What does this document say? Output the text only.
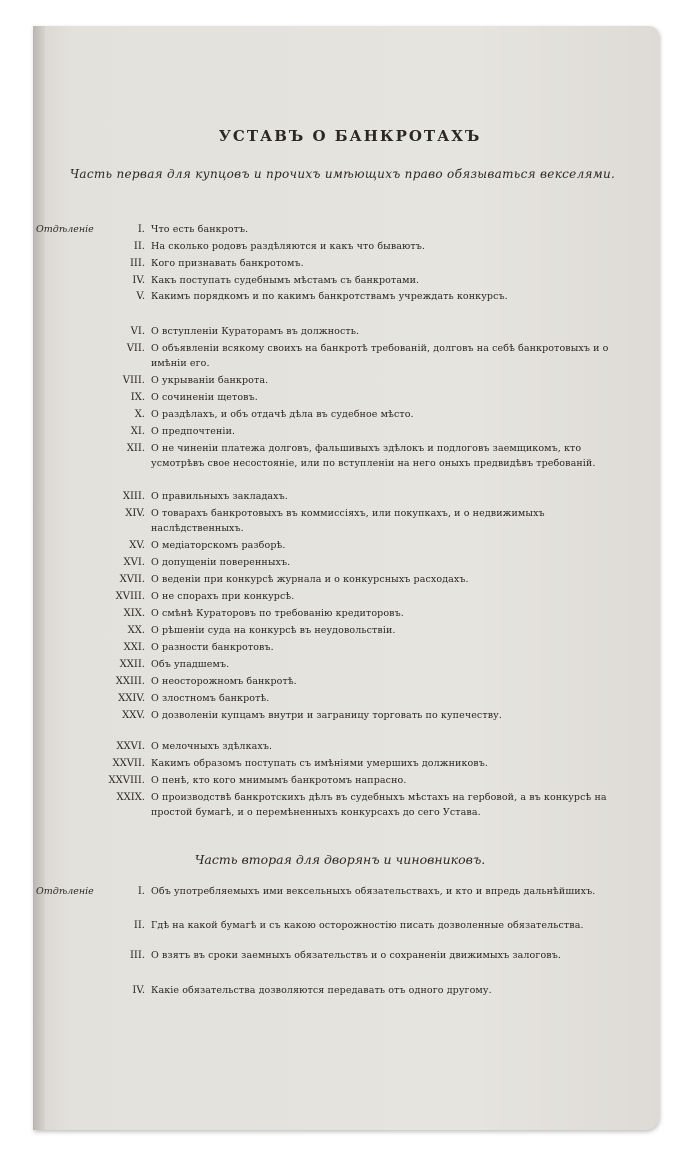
УСТАВЪ О БАНКРОТАХЪ
Часть первая для купцовъ и прочихъ имѣющихъ право обязываться векселями.
Отдѣленіе	I. Что есть банкротъ.
II. На сколько родовъ раздѣляются и какъ что бываютъ.
III. Кого признавать банкротомъ.
IV. Какъ поступать судебнымъ мѣстамъ съ банкротами.
V. Какимъ порядкомъ и по какимъ банкротствамъ учреждать конкурсъ.
VI. О вступленіи Кураторамъ въ должность.
VII. О объявленіи всякому своихъ на банкротѣ требованій, долговъ на себѣ банкротовыхъ и о имѣніи его.
VIII. О укрываніи банкрота.
IX. О сочиненіи щетовъ.
X. О раздѣлахъ, и объ отдачѣ дѣла въ судебное мѣсто.
XI. О предпочтеніи.
XII. О не чиненіи платежа долговъ, фальшивыхъ здѣлокъ и подлоговъ заемщикомъ, кто усмотрѣвъ свое несостояніе, или по вступленіи на него оныхъ предвидѣвъ требованій.
XIII. О правильныхъ закладахъ.
XIV. О товарахъ банкротовыхъ въ коммиссіяхъ, или покупкахъ, и о недвижимыхъ наслѣдственныхъ.
XV. О медіаторскомъ разборѣ.
XVI. О допущеніи поверенныхъ.
XVII. О веденіи при конкурсѣ журнала и о конкурсныхъ расходахъ.
XVIII. О не спорахъ при конкурсѣ.
XIX. О смѣнѣ Кураторовъ по требованію кредиторовъ.
XX. О рѣшеніи суда на конкурсѣ въ неудовольствіи.
XXI. О разности банкротовъ.
XXII. Объ упадшемъ.
XXIII. О неосторожномъ банкротѣ.
XXIV. О злостномъ банкротѣ.
XXV. О дозволеніи купцамъ внутри и заграницу торговать по купечеству.
XXVI. О мелочныхъ здѣлкахъ.
XXVII. Какимъ образомъ поступать съ имѣніями умершихъ должниковъ.
XXVIII. О пенѣ, кто кого мнимымъ банкротомъ напрасно.
XXIX. О производствѣ банкротскихъ дѣлъ въ судебныхъ мѣстахъ на гербовой, а въ конкурсѣ на простой бумагѣ, и о перемѣненныхъ конкурсахъ до сего Устава.
Часть вторая для дворянъ и чиновниковъ.
Отдѣленіе	I. Объ употребляемыхъ ими вексельныхъ обязательствахъ, и кто и впредь дальнѣйшихъ.
II. Гдѣ на какой бумагѣ и съ какою осторожностію писать дозволенные обязательства.
III. О взятъ въ сроки заемныхъ обязательствъ и о сохраненіи движимыхъ залоговъ.
IV. Какіе обязательства дозволяются передавать отъ одного другому.
